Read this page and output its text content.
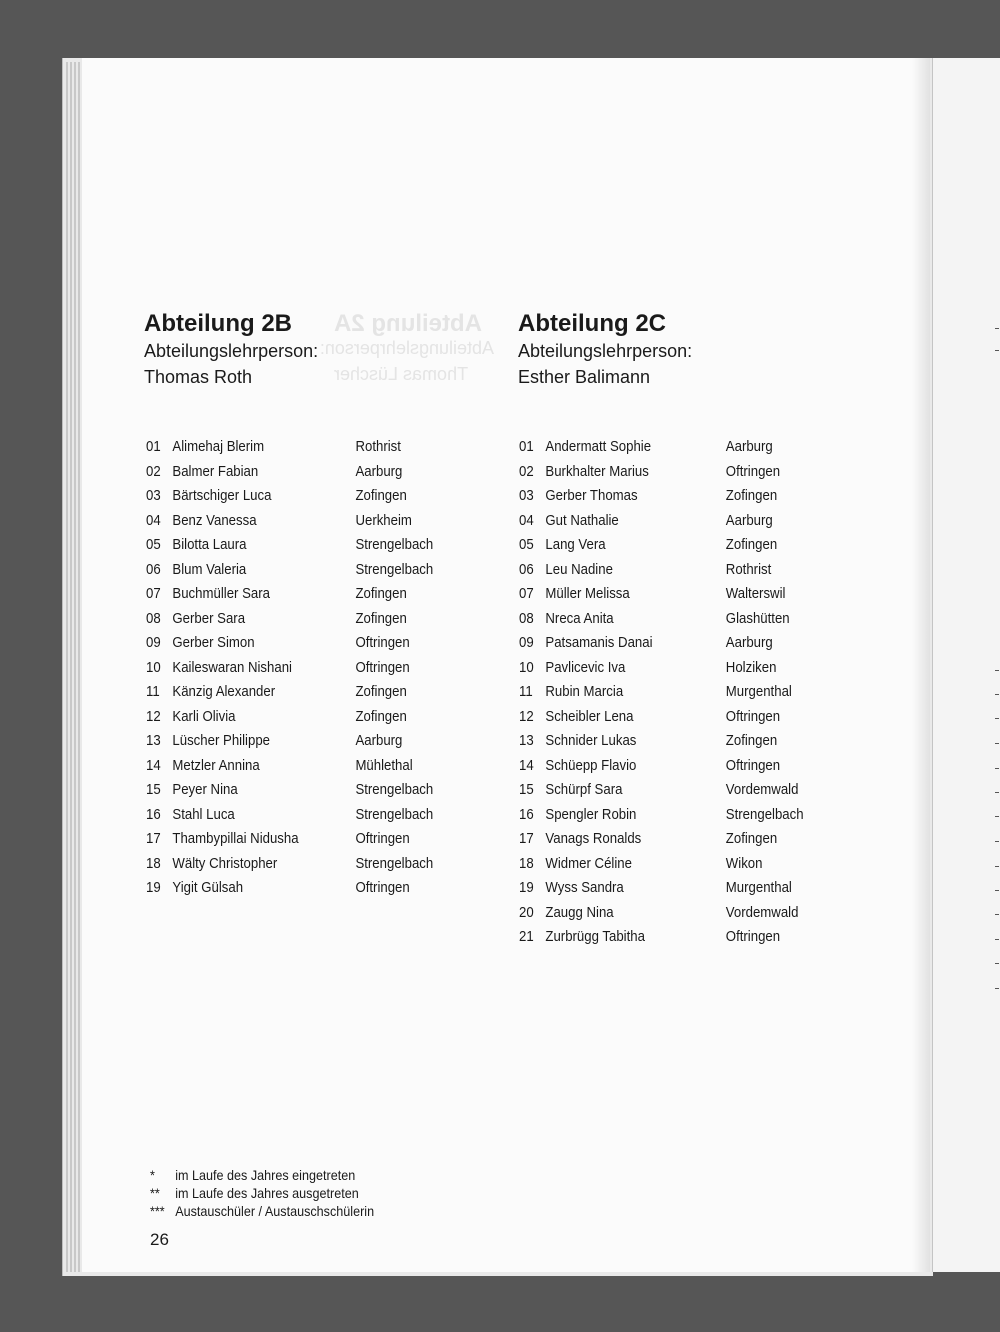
Abteilung 2A
Abteilungslehrperson:
Thomas Lüscher
Abteilung 2B
Abteilungslehrperson:
Thomas Roth
Abteilung 2C
Abteilungslehrperson:
Esther Balimann
01 Alimehaj Blerim	Rothrist
02 Balmer Fabian	Aarburg
03 Bärtschiger Luca	Zofingen
04 Benz Vanessa	Uerkheim
05 Bilotta Laura	Strengelbach
06 Blum Valeria	Strengelbach
07 Buchmüller Sara	Zofingen
08 Gerber Sara	Zofingen
09 Gerber Simon	Oftringen
10 Kaileswaran Nishani	Oftringen
11 Känzig Alexander	Zofingen
12 Karli Olivia	Zofingen
13 Lüscher Philippe	Aarburg
14 Metzler Annina	Mühlethal
15 Peyer Nina	Strengelbach
16 Stahl Luca	Strengelbach
17 Thambypillai Nidusha	Oftringen
18 Wälty Christopher	Strengelbach
19 Yigit Gülsah	Oftringen
01 Andermatt Sophie	Aarburg
02 Burkhalter Marius	Oftringen
03 Gerber Thomas	Zofingen
04 Gut Nathalie	Aarburg
05 Lang Vera	Zofingen
06 Leu Nadine	Rothrist
07 Müller Melissa	Walterswil
08 Nreca Anita	Glashütten
09 Patsamanis Danai	Aarburg
10 Pavlicevic Iva	Holziken
11 Rubin Marcia	Murgenthal
12 Scheibler Lena	Oftringen
13 Schnider Lukas	Zofingen
14 Schüepp Flavio	Oftringen
15 Schürpf Sara	Vordemwald
16 Spengler Robin	Strengelbach
17 Vanags Ronalds	Zofingen
18 Widmer Céline	Wikon
19 Wyss Sandra	Murgenthal
20 Zaugg Nina	Vordemwald
21 Zurbrügg Tabitha	Oftringen
*	im Laufe des Jahres eingetreten
**	im Laufe des Jahres ausgetreten
*** Austauschüler / Austauschschülerin
26
